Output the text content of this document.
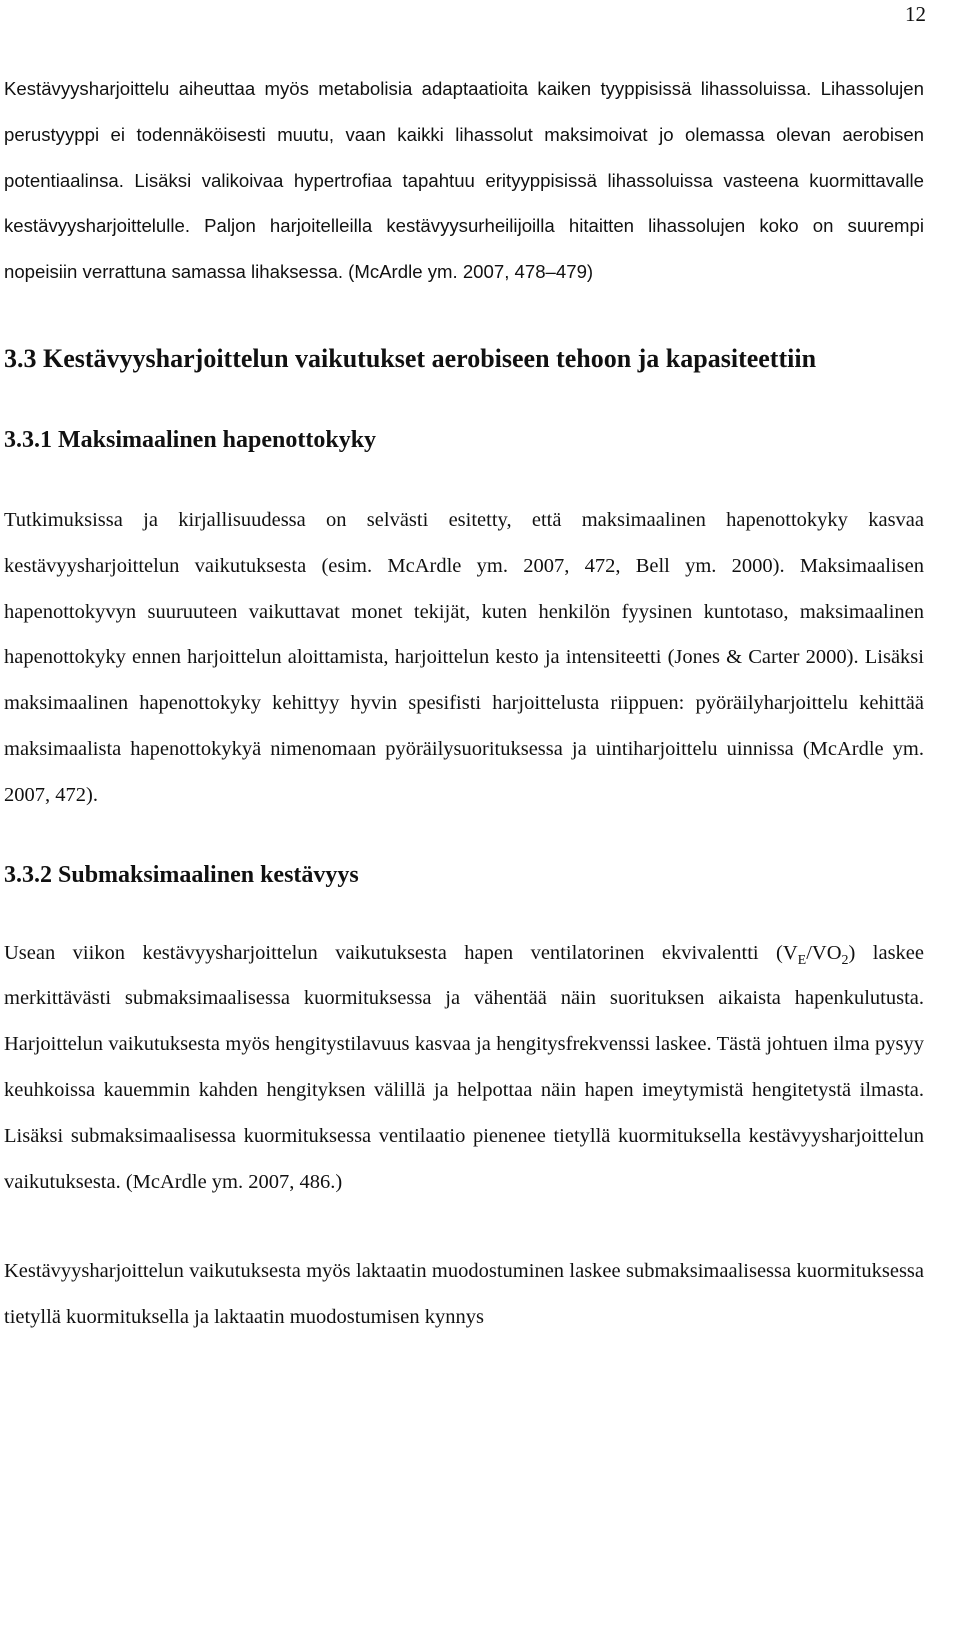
12

Kestävyysharjoittelu aiheuttaa myös metabolisia adaptaatioita kaiken tyyppisissä lihassoluissa. Lihassolujen perustyyppi ei todennäköisesti muutu, vaan kaikki lihassolut maksimoivat jo olemassa olevan aerobisen potentiaalinsa. Lisäksi valikoivaa hypertrofiaa tapahtuu erityyppisissä lihassoluissa vasteena kuormittavalle kestävyysharjoittelulle. Paljon harjoitelleilla kestävyysurheilijoilla hitaitten lihassolujen koko on suurempi nopeisiin verrattuna samassa lihaksessa. (McArdle ym. 2007, 478–479)

3.3 Kestävyysharjoittelun vaikutukset aerobiseen tehoon ja kapasiteettiin
3.3.1 Maksimaalinen hapenottokyky

Tutkimuksissa ja kirjallisuudessa on selvästi esitetty, että maksimaalinen hapenottokyky kasvaa kestävyysharjoittelun vaikutuksesta (esim. McArdle ym. 2007, 472, Bell ym. 2000). Maksimaalisen hapenottokyvyn suuruuteen vaikuttavat monet tekijät, kuten henkilön fyysinen kuntotaso, maksimaalinen hapenottokyky ennen harjoittelun aloittamista, harjoittelun kesto ja intensiteetti (Jones & Carter 2000). Lisäksi maksimaalinen hapenottokyky kehittyy hyvin spesifisti harjoittelusta riippuen: pyöräilyharjoittelu kehittää maksimaalista hapenottokykyä nimenomaan pyöräilysuorituksessa ja uintiharjoittelu uinnissa (McArdle ym. 2007, 472).

3.3.2 Submaksimaalinen kestävyys

Usean viikon kestävyysharjoittelun vaikutuksesta hapen ventilatorinen ekvivalentti $(V_E/VO_2)$ laskee merkittävästi submaksimaalisessa kuormituksessa ja vähentää näin suorituksen aikaista hapenkulutusta. Harjoittelun vaikutuksesta myös hengitystilavuus kasvaa ja hengitysfrekvenssi laskee. Tästä johtuen ilma pysyy keuhkoissa kauemmin kahden hengityksen välillä ja helpottaa näin hapen imeytymistä hengitetystä ilmasta. Lisäksi submaksimaalisessa kuormituksessa ventilaatio pienenee tietyllä kuormituksella kestävyysharjoittelun vaikutuksesta. (McArdle ym. 2007, 486.)

Kestävyysharjoittelun vaikutuksesta myös laktaatin muodostuminen laskee submaksimaalisessa kuormituksessa tietyllä kuormituksella ja laktaatin muodostumisen kynnys
